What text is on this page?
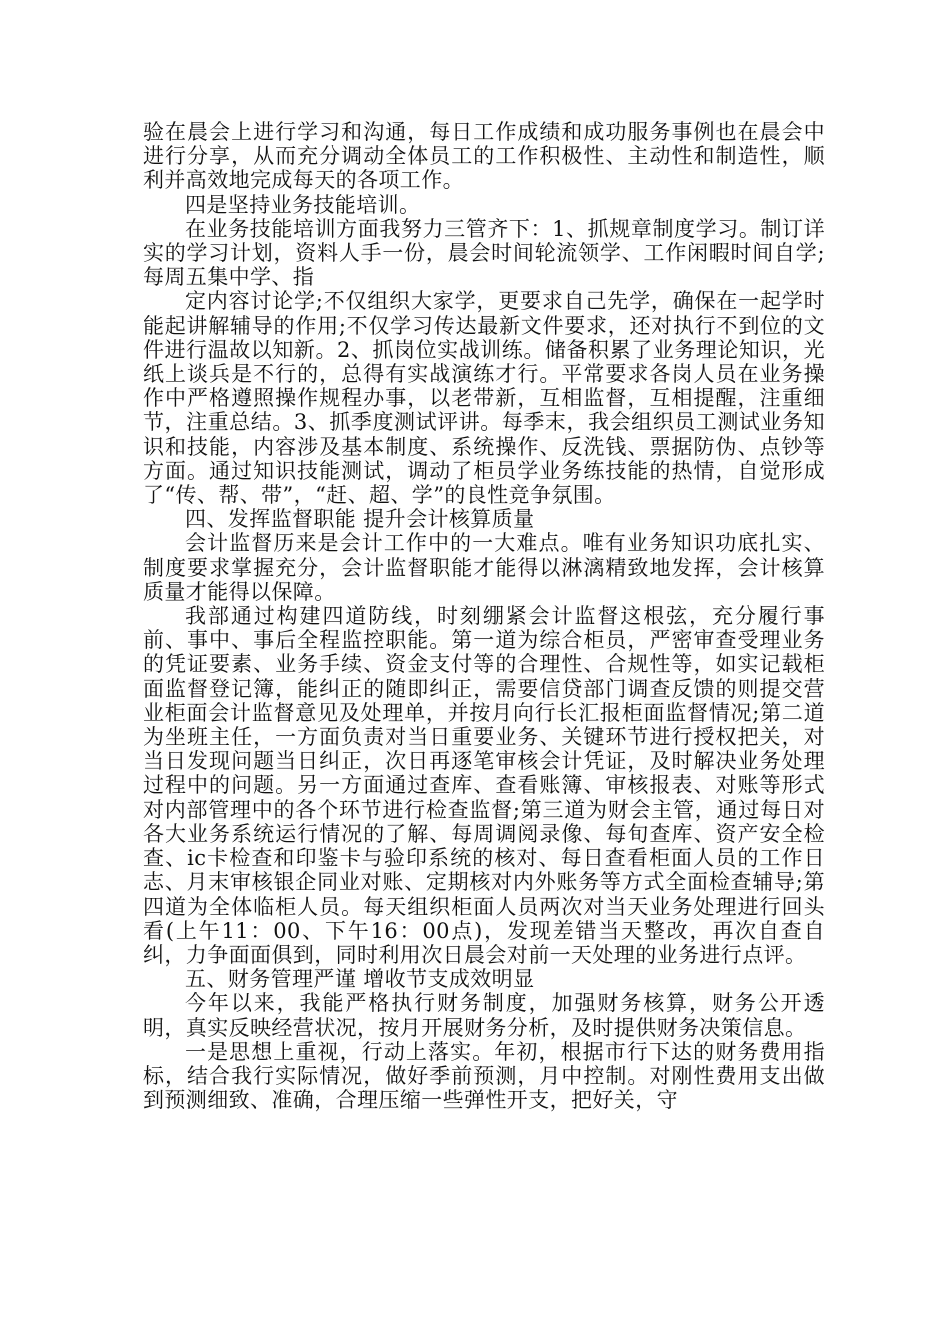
验在晨会上进行学习和沟通，每日工作成绩和成功服务事例也在晨会中进行分享，从而充分调动全体员工的工作积极性、主动性和制造性，顺利并高效地完成每天的各项工作。

四是坚持业务技能培训。

在业务技能培训方面我努力三管齐下：1、抓规章制度学习。制订详实的学习计划，资料人手一份，晨会时间轮流领学、工作闲暇时间自学;每周五集中学、指

定内容讨论学;不仅组织大家学，更要求自己先学，确保在一起学时能起讲解辅导的作用;不仅学习传达最新文件要求，还对执行不到位的文件进行温故以知新。2、抓岗位实战训练。储备积累了业务理论知识，光纸上谈兵是不行的，总得有实战演练才行。平常要求各岗人员在业务操作中严格遵照操作规程办事，以老带新，互相监督，互相提醒，注重细节，注重总结。3、抓季度测试评讲。每季末，我会组织员工测试业务知识和技能，内容涉及基本制度、系统操作、反洗钱、票据防伪、点钞等方面。通过知识技能测试，调动了柜员学业务练技能的热情，自觉形成了“传、帮、带”，“赶、超、学”的良性竞争氛围。

四、发挥监督职能 提升会计核算质量

会计监督历来是会计工作中的一大难点。唯有业务知识功底扎实、制度要求掌握充分，会计监督职能才能得以淋漓精致地发挥，会计核算质量才能得以保障。

我部通过构建四道防线，时刻绷紧会计监督这根弦，充分履行事前、事中、事后全程监控职能。第一道为综合柜员，严密审查受理业务的凭证要素、业务手续、资金支付等的合理性、合规性等，如实记载柜面监督登记簿，能纠正的随即纠正，需要信贷部门调查反馈的则提交营业柜面会计监督意见及处理单，并按月向行长汇报柜面监督情况;第二道为坐班主任，一方面负责对当日重要业务、关键环节进行授权把关，对当日发现问题当日纠正，次日再逐笔审核会计凭证，及时解决业务处理过程中的问题。另一方面通过查库、查看账簿、审核报表、对账等形式对内部管理中的各个环节进行检查监督;第三道为财会主管，通过每日对各大业务系统运行情况的了解、每周调阅录像、每旬查库、资产安全检查、ic卡检查和印鉴卡与验印系统的核对、每日查看柜面人员的工作日志、月末审核银企同业对账、定期核对内外账务等方式全面检查辅导;第四道为全体临柜人员。每天组织柜面人员两次对当天业务处理进行回头看(上午11：00、下午16：00点)，发现差错当天整改，再次自查自纠，力争面面俱到，同时利用次日晨会对前一天处理的业务进行点评。

五、财务管理严谨 增收节支成效明显

今年以来，我能严格执行财务制度，加强财务核算，财务公开透明，真实反映经营状况，按月开展财务分析，及时提供财务决策信息。

一是思想上重视，行动上落实。年初，根据市行下达的财务费用指标，结合我行实际情况，做好季前预测，月中控制。对刚性费用支出做到预测细致、准确，合理压缩一些弹性开支，把好关，守
